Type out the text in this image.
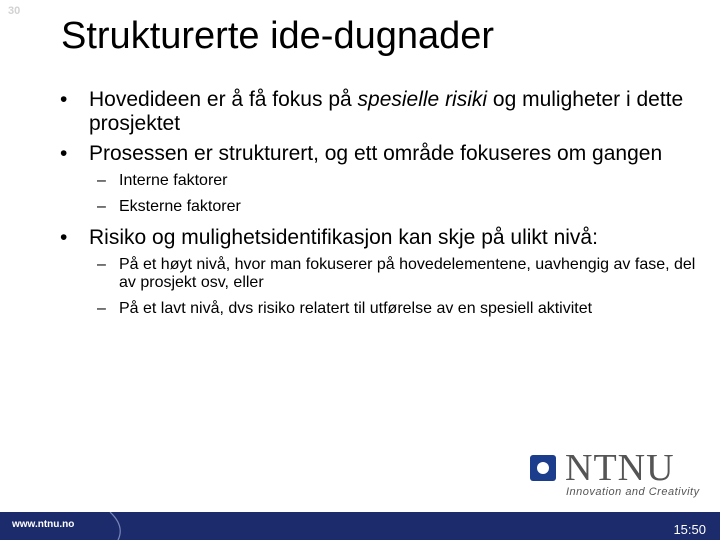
30
Strukturerte ide-dugnader
• Hovedideen er å få fokus på spesielle risiki og muligheter i dette prosjektet
• Prosessen er strukturert, og ett område fokuseres om gangen
– Interne faktorer
– Eksterne faktorer
• Risiko og mulighetsidentifikasjon kan skje på ulikt nivå:
– På et høyt nivå, hvor man fokuserer på hovedelementene, uavhengig av fase, del av prosjekt osv, eller
– På et lavt nivå, dvs risiko relatert til utførelse av en spesiell aktivitet
NTNU
Innovation and Creativity
www.ntnu.no	15:50
